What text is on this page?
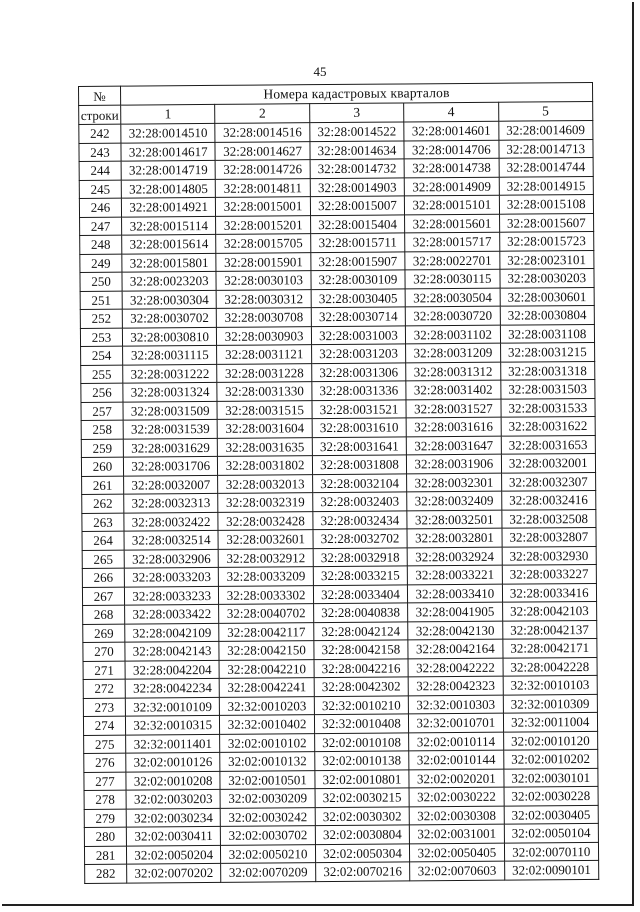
45
№	Номера кадастровых кварталов				
строки	1	2	3	4	5
242	32:28:0014510	32:28:0014516	32:28:0014522	32:28:0014601	32:28:0014609
243	32:28:0014617	32:28:0014627	32:28:0014634	32:28:0014706	32:28:0014713
244	32:28:0014719	32:28:0014726	32:28:0014732	32:28:0014738	32:28:0014744
245	32:28:0014805	32:28:0014811	32:28:0014903	32:28:0014909	32:28:0014915
246	32:28:0014921	32:28:0015001	32:28:0015007	32:28:0015101	32:28:0015108
247	32:28:0015114	32:28:0015201	32:28:0015404	32:28:0015601	32:28:0015607
248	32:28:0015614	32:28:0015705	32:28:0015711	32:28:0015717	32:28:0015723
249	32:28:0015801	32:28:0015901	32:28:0015907	32:28:0022701	32:28:0023101
250	32:28:0023203	32:28:0030103	32:28:0030109	32:28:0030115	32:28:0030203
251	32:28:0030304	32:28:0030312	32:28:0030405	32:28:0030504	32:28:0030601
252	32:28:0030702	32:28:0030708	32:28:0030714	32:28:0030720	32:28:0030804
253	32:28:0030810	32:28:0030903	32:28:0031003	32:28:0031102	32:28:0031108
254	32:28:0031115	32:28:0031121	32:28:0031203	32:28:0031209	32:28:0031215
255	32:28:0031222	32:28:0031228	32:28:0031306	32:28:0031312	32:28:0031318
256	32:28:0031324	32:28:0031330	32:28:0031336	32:28:0031402	32:28:0031503
257	32:28:0031509	32:28:0031515	32:28:0031521	32:28:0031527	32:28:0031533
258	32:28:0031539	32:28:0031604	32:28:0031610	32:28:0031616	32:28:0031622
259	32:28:0031629	32:28:0031635	32:28:0031641	32:28:0031647	32:28:0031653
260	32:28:0031706	32:28:0031802	32:28:0031808	32:28:0031906	32:28:0032001
261	32:28:0032007	32:28:0032013	32:28:0032104	32:28:0032301	32:28:0032307
262	32:28:0032313	32:28:0032319	32:28:0032403	32:28:0032409	32:28:0032416
263	32:28:0032422	32:28:0032428	32:28:0032434	32:28:0032501	32:28:0032508
264	32:28:0032514	32:28:0032601	32:28:0032702	32:28:0032801	32:28:0032807
265	32:28:0032906	32:28:0032912	32:28:0032918	32:28:0032924	32:28:0032930
266	32:28:0033203	32:28:0033209	32:28:0033215	32:28:0033221	32:28:0033227
267	32:28:0033233	32:28:0033302	32:28:0033404	32:28:0033410	32:28:0033416
268	32:28:0033422	32:28:0040702	32:28:0040838	32:28:0041905	32:28:0042103
269	32:28:0042109	32:28:0042117	32:28:0042124	32:28:0042130	32:28:0042137
270	32:28:0042143	32:28:0042150	32:28:0042158	32:28:0042164	32:28:0042171
271	32:28:0042204	32:28:0042210	32:28:0042216	32:28:0042222	32:28:0042228
272	32:28:0042234	32:28:0042241	32:28:0042302	32:28:0042323	32:32:0010103
273	32:32:0010109	32:32:0010203	32:32:0010210	32:32:0010303	32:32:0010309
274	32:32:0010315	32:32:0010402	32:32:0010408	32:32:0010701	32:32:0011004
275	32:32:0011401	32:02:0010102	32:02:0010108	32:02:0010114	32:02:0010120
276	32:02:0010126	32:02:0010132	32:02:0010138	32:02:0010144	32:02:0010202
277	32:02:0010208	32:02:0010501	32:02:0010801	32:02:0020201	32:02:0030101
278	32:02:0030203	32:02:0030209	32:02:0030215	32:02:0030222	32:02:0030228
279	32:02:0030234	32:02:0030242	32:02:0030302	32:02:0030308	32:02:0030405
280	32:02:0030411	32:02:0030702	32:02:0030804	32:02:0031001	32:02:0050104
281	32:02:0050204	32:02:0050210	32:02:0050304	32:02:0050405	32:02:0070110
282	32:02:0070202	32:02:0070209	32:02:0070216	32:02:0070603	32:02:0090101
